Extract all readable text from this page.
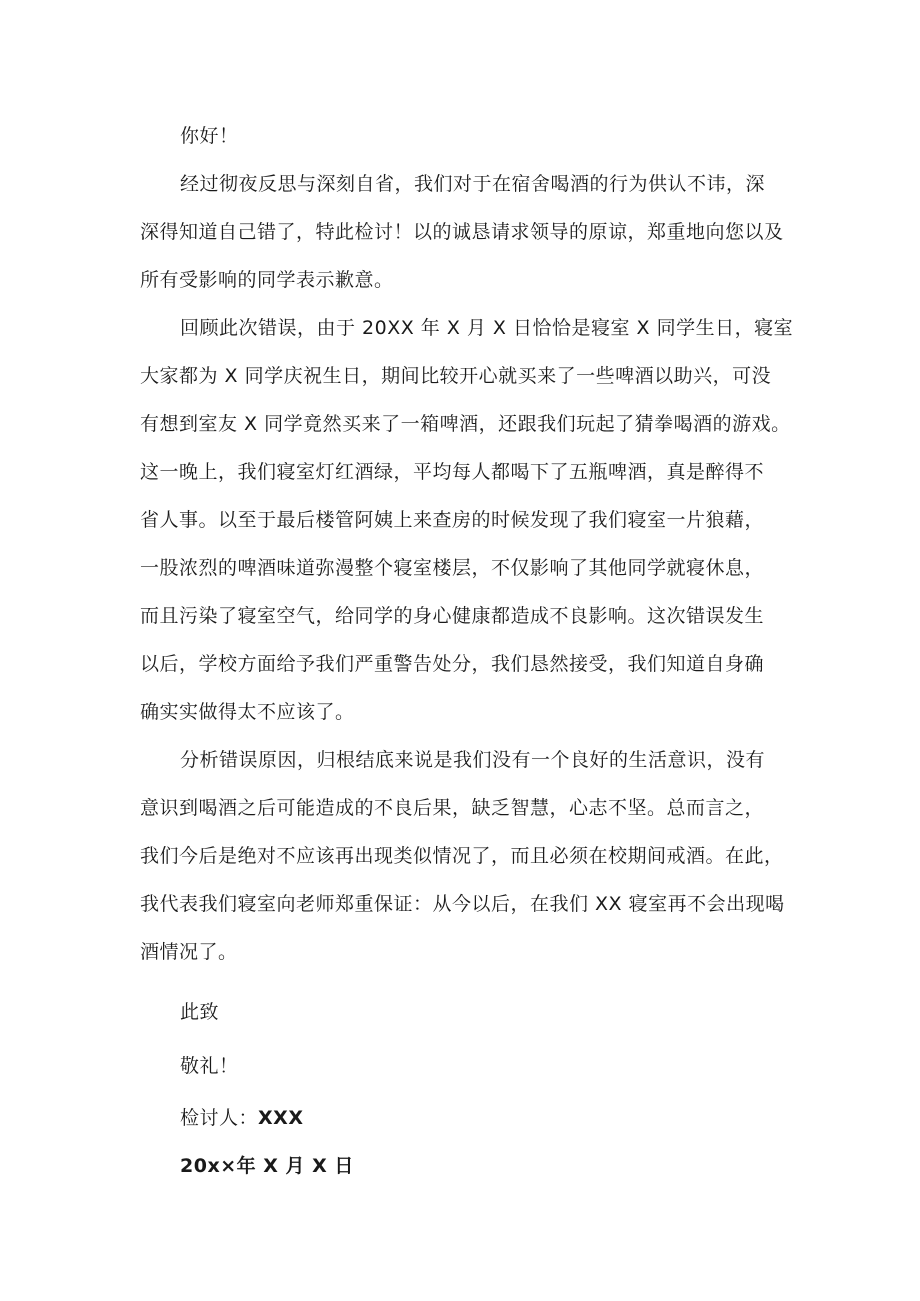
你好！
经过彻夜反思与深刻自省，我们对于在宿舍喝酒的行为供认不讳，深
深得知道自己错了，特此检讨！以的诚恳请求领导的原谅，郑重地向您以及
所有受影响的同学表示歉意。
回顾此次错误，由于 20XX 年 X 月 X 日恰恰是寝室 X 同学生日，寝室
大家都为 X 同学庆祝生日，期间比较开心就买来了一些啤酒以助兴，可没
有想到室友 X 同学竟然买来了一箱啤酒，还跟我们玩起了猜拳喝酒的游戏。
这一晚上，我们寝室灯红酒绿，平均每人都喝下了五瓶啤酒，真是醉得不
省人事。以至于最后楼管阿姨上来查房的时候发现了我们寝室一片狼藉，
一股浓烈的啤酒味道弥漫整个寝室楼层，不仅影响了其他同学就寝休息，
而且污染了寝室空气，给同学的身心健康都造成不良影响。这次错误发生
以后，学校方面给予我们严重警告处分，我们恳然接受，我们知道自身确
确实实做得太不应该了。
分析错误原因，归根结底来说是我们没有一个良好的生活意识，没有
意识到喝酒之后可能造成的不良后果，缺乏智慧，心志不坚。总而言之，
我们今后是绝对不应该再出现类似情况了，而且必须在校期间戒酒。在此，
我代表我们寝室向老师郑重保证：从今以后，在我们 XX 寝室再不会出现喝
酒情况了。
此致
敬礼！
检讨人：XXX
20x×年 X 月 X 日
